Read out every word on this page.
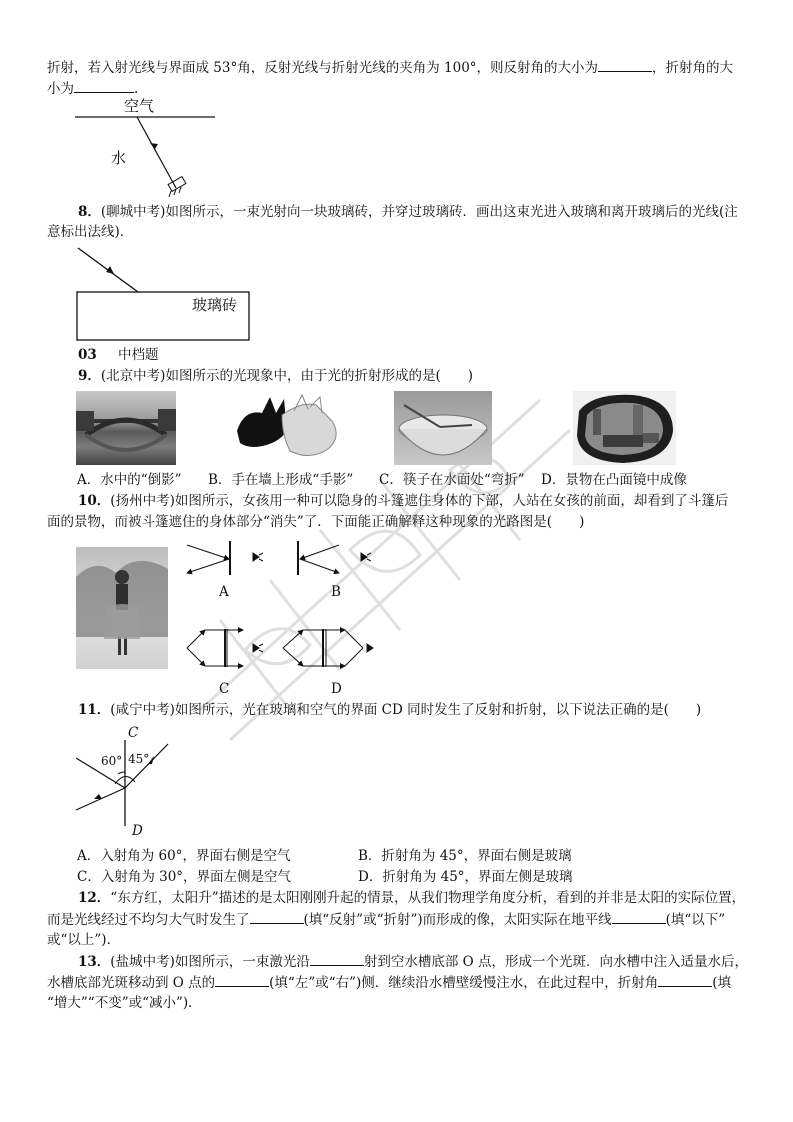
折射，若入射光线与界面成 53°角，反射光线与折射光线的夹角为 100°，则反射角的大小为	，折射角的大
小为	.
空气
水
8．(聊城中考)如图所示，一束光射向一块玻璃砖，并穿过玻璃砖．画出这束光进入玻璃和离开玻璃后的光线(注
意标出法线)．
玻璃砖
03 中档题
9．(北京中考)如图所示的光现象中，由于光的折射形成的是(　　)
A．水中的“倒影” B．手在墙上形成“手影” C．筷子在水面处“弯折” D．景物在凸面镜中成像
10．(扬州中考)如图所示，女孩用一种可以隐身的斗篷遮住身体的下部，人站在女孩的前面，却看到了斗篷后
面的景物，而被斗篷遮住的身体部分“消失”了．下面能正确解释这种现象的光路图是(　　)
A	B
C	D
11．(咸宁中考)如图所示，光在玻璃和空气的界面 CD 同时发生了反射和折射，以下说法正确的是(　　)
C
D
60° 45°
A．入射角为 60°，界面右侧是空气	B．折射角为 45°，界面右侧是玻璃
C．入射角为 30°，界面左侧是空气	D．折射角为 45°，界面左侧是玻璃
12．“东方红，太阳升”描述的是太阳刚刚升起的情景，从我们物理学角度分析，看到的并非是太阳的实际位置，
而是光线经过不均匀大气时发生了	(填“反射”或“折射”)而形成的像，太阳实际在地平线	(填“以下”
或“以上”)．
13．(盐城中考)如图所示，一束激光沿	射到空水槽底部 O 点，形成一个光斑．向水槽中注入适量水后，
水槽底部光斑移动到 O 点的	(填“左”或“右”)侧．继续沿水槽壁缓慢注水，在此过程中，折射角	(填
“增大”“不变”或“减小”)．
